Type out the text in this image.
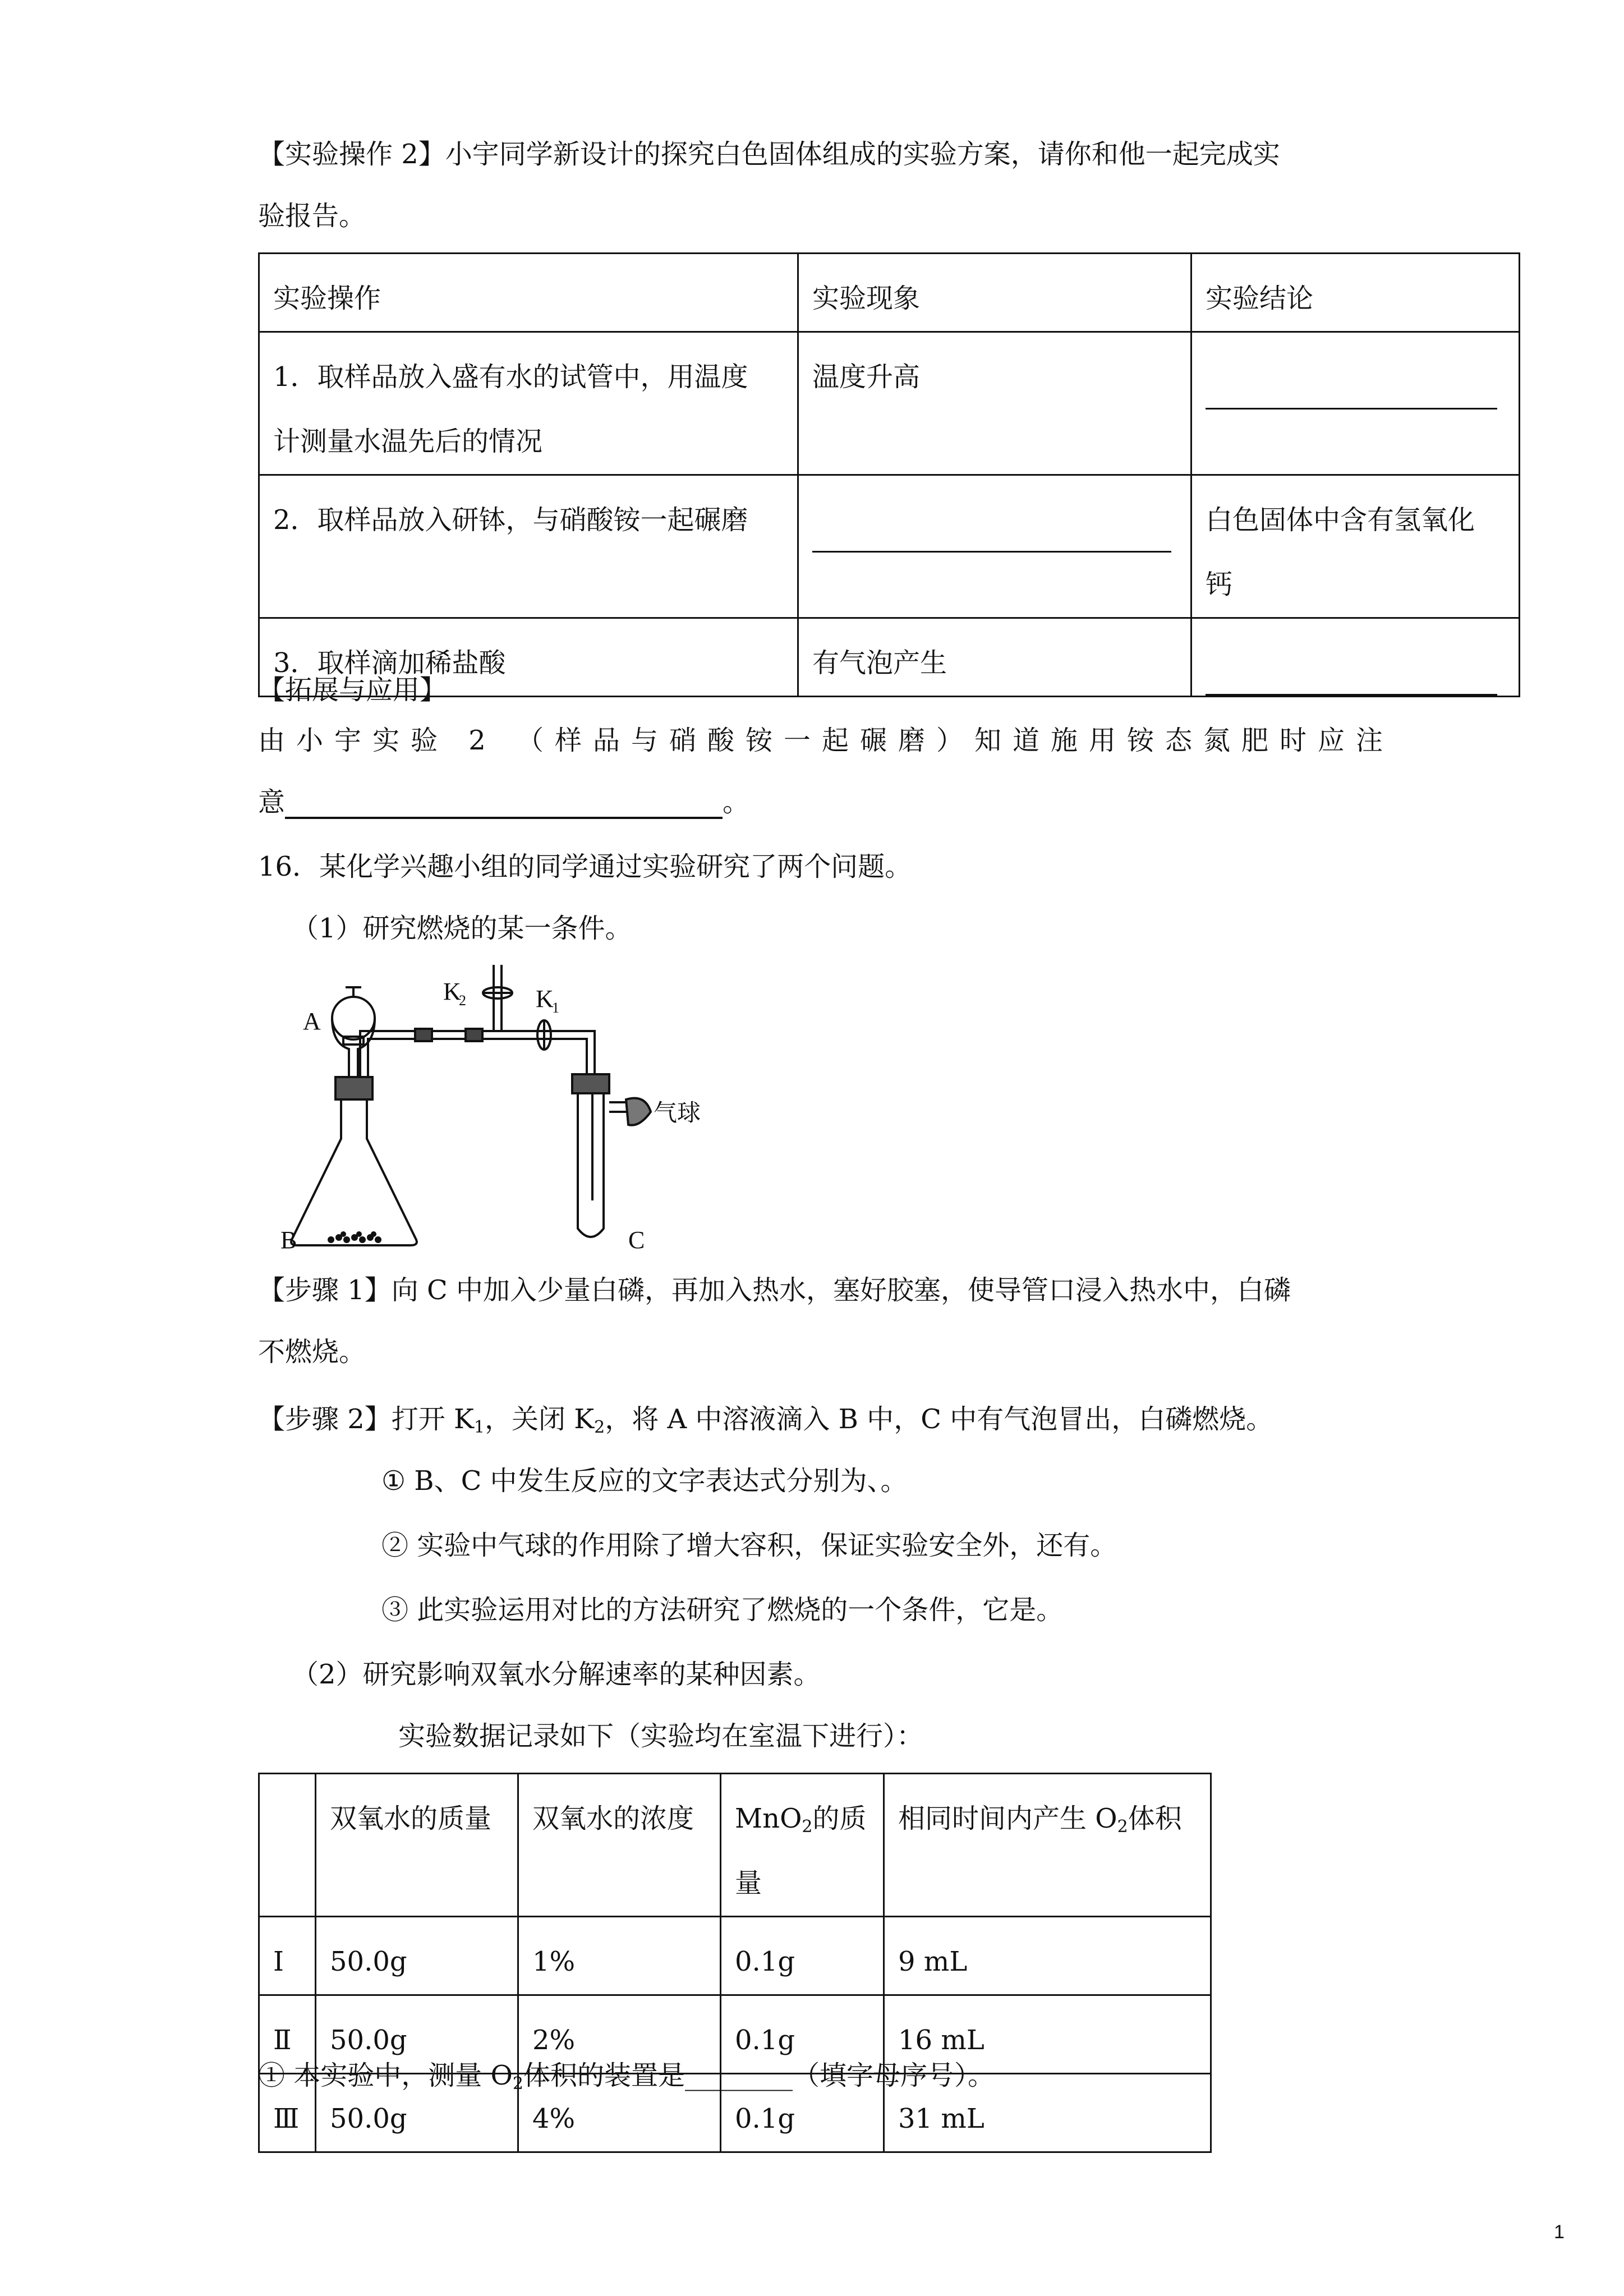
【实验操作 2】小宇同学新设计的探究白色固体组成的实验方案，请你和他一起完成实
验报告。
实验操作	实验现象	实验结论

1．取样品放入盛有水的试管中，用温度
计测量水温先后的情况	温度升高	
2．取样品放入研钵，与硝酸铵一起碾磨		白色固体中含有氢氧化
钙

3．取样滴加稀盐酸	有气泡产生	
【拓展与应用】
由小宇实验 2 （样品与硝酸铵一起碾磨）知道施用铵态氮肥时应注
意	。
16．某化学兴趣小组的同学通过实验研究了两个问题。
（1）研究燃烧的某一条件。
A
B	C
K
2	K
1
气球
【步骤 1】向 C 中加入少量白磷，再加入热水，塞好胶塞，使导管口浸入热水中，白磷
不燃烧。
【步骤 2】打开 $K_1$，关闭 $K_2$，将 A 中溶液滴入 B 中，C 中有气泡冒出，白磷燃烧。
① B、C 中发生反应的文字表达式分别为、。
② 实验中气球的作用除了增大容积，保证实验安全外，还有。
③ 此实验运用对比的方法研究了燃烧的一个条件，它是。
（2）研究影响双氧水分解速率的某种因素。
实验数据记录如下（实验均在室温下进行）：
	双氧水的质量	双氧水的浓度	MnO$_2$的质量	相同时间内产生 $O_2$体积
Ⅰ	50.0g	1%	0.1g	9 mL
Ⅱ	50.0g	2%	0.1g	16 mL
Ⅲ	50.0g	4%	0.1g	31 mL
① 本实验中，测量 $O_2$体积的装置是________（填字母序号）。
1
